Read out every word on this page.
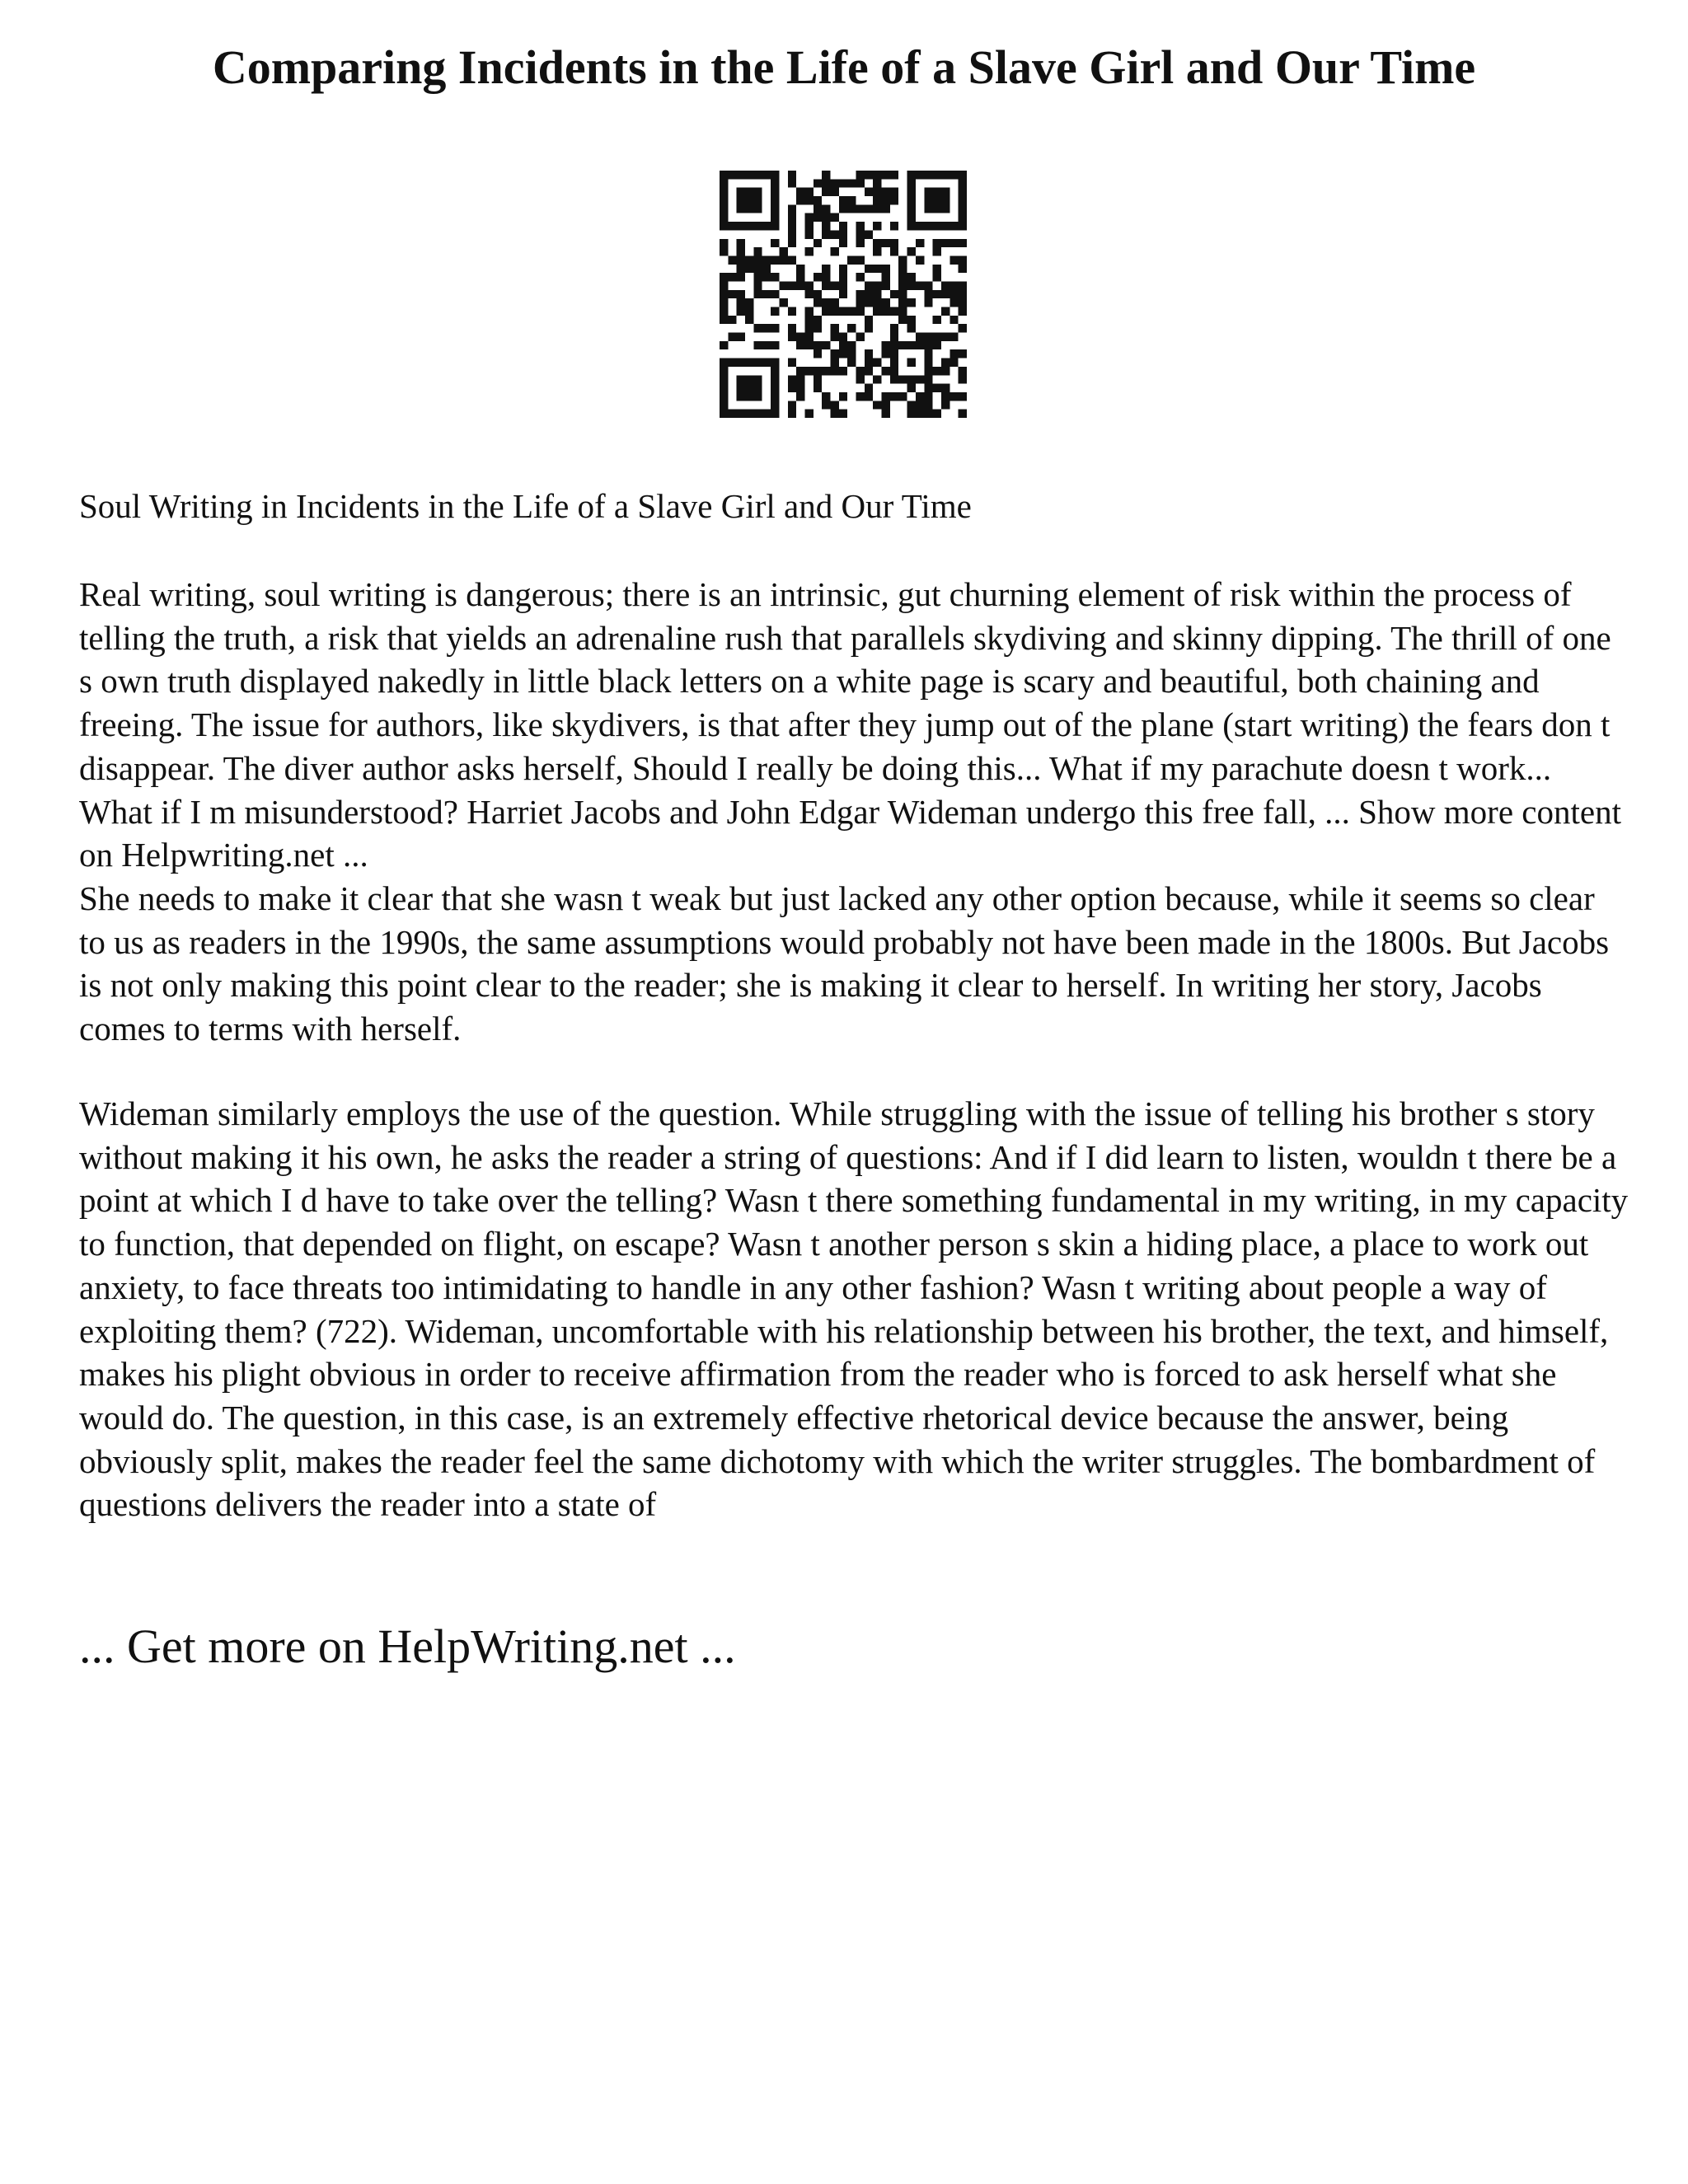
Comparing Incidents in the Life of a Slave Girl and Our Time

Soul Writing in Incidents in the Life of a Slave Girl and Our Time

Real writing, soul writing is dangerous; there is an intrinsic, gut churning element of risk within the process of telling the truth, a risk that yields an adrenaline rush that parallels skydiving and skinny dipping. The thrill of one s own truth displayed nakedly in little black letters on a white page is scary and beautiful, both chaining and freeing. The issue for authors, like skydivers, is that after they jump out of the plane (start writing) the fears don t disappear. The diver author asks herself, Should I really be doing this... What if my parachute doesn t work... What if I m misunderstood? Harriet Jacobs and John Edgar Wideman undergo this free fall, ... Show more content on Helpwriting.net ...
She needs to make it clear that she wasn t weak but just lacked any other option because, while it seems so clear to us as readers in the 1990s, the same assumptions would probably not have been made in the 1800s. But Jacobs is not only making this point clear to the reader; she is making it clear to herself. In writing her story, Jacobs comes to terms with herself.

Wideman similarly employs the use of the question. While struggling with the issue of telling his brother s story without making it his own, he asks the reader a string of questions: And if I did learn to listen, wouldn t there be a point at which I d have to take over the telling? Wasn t there something fundamental in my writing, in my capacity to function, that depended on flight, on escape? Wasn t another person s skin a hiding place, a place to work out anxiety, to face threats too intimidating to handle in any other fashion? Wasn t writing about people a way of exploiting them? (722). Wideman, uncomfortable with his relationship between his brother, the text, and himself, makes his plight obvious in order to receive affirmation from the reader who is forced to ask herself what she would do. The question, in this case, is an extremely effective rhetorical device because the answer, being obviously split, makes the reader feel the same dichotomy with which the writer struggles. The bombardment of questions delivers the reader into a state of

... Get more on HelpWriting.net ...
